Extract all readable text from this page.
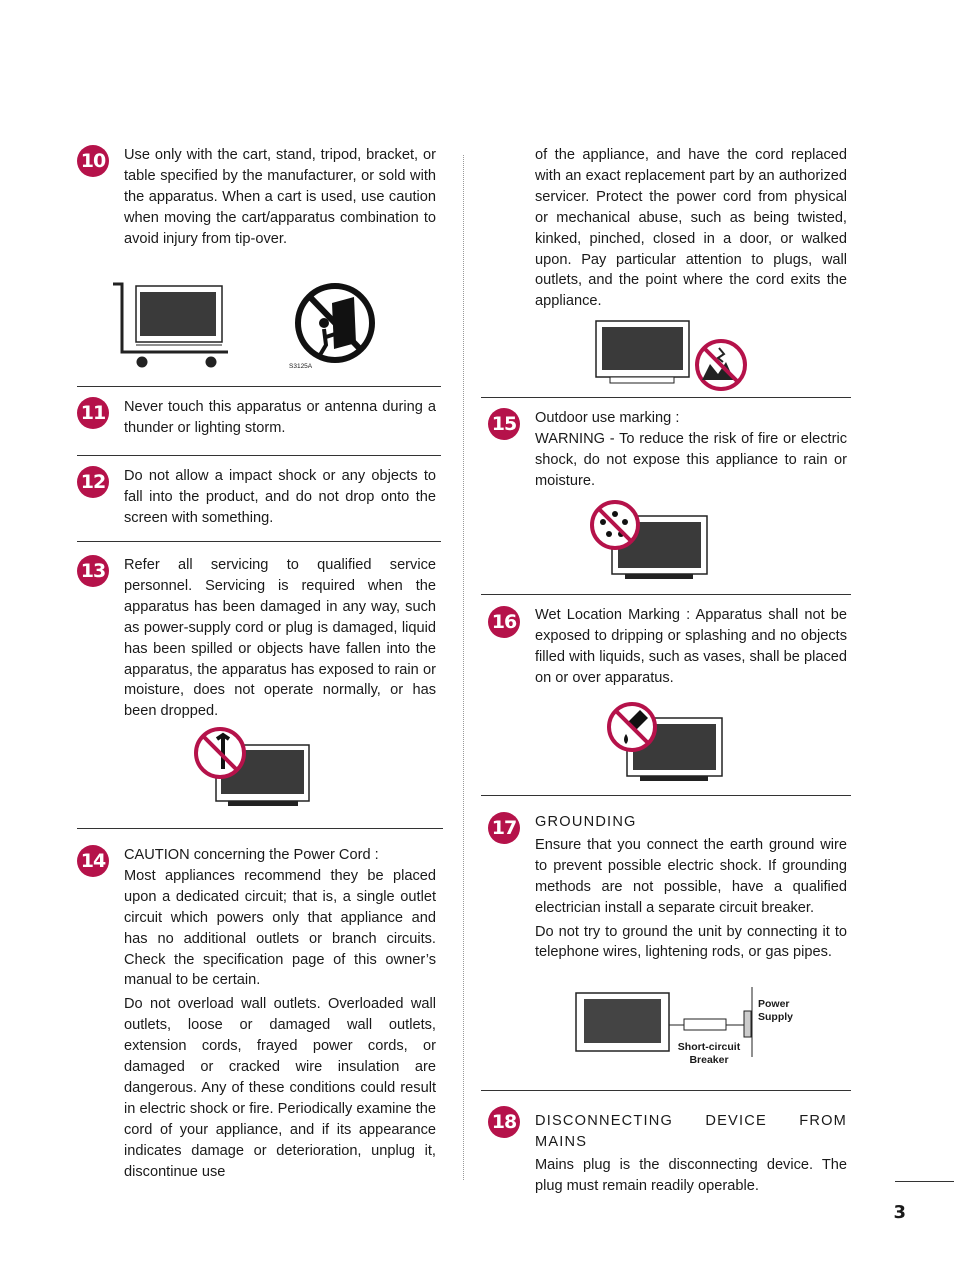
10 Use only with the cart, stand, tripod, bracket, or table specified by the manufacturer, or sold with the apparatus. When a cart is used, use caution when moving the cart/apparatus combination to avoid injury from tip-over.

S3125A
11 Never touch this apparatus or antenna during a thunder or lighting storm.

12 Do not allow a impact shock or any objects to fall into the product, and do not drop onto the screen with something.

13 Refer all servicing to qualified service personnel. Servicing is required when the apparatus has been damaged in any way, such as power-supply cord or plug is damaged, liquid has been spilled or objects have fallen into the apparatus, the apparatus has exposed to rain or moisture, does not operate normally, or has been dropped.

14 CAUTION concerning the Power Cord :

Most appliances recommend they be placed upon a dedicated circuit; that is, a single outlet circuit which powers only that appliance and has no additional outlets or branch circuits. Check the specification page of this owner’s manual to be certain.

Do not overload wall outlets. Overloaded wall outlets, loose or damaged wall outlets, extension cords, frayed power cords, or damaged or cracked wire insulation are dangerous. Any of these conditions could result in electric shock or fire. Periodically examine the cord of your appliance, and if its appearance indicates damage or deterioration, unplug it, discontinue use

of the appliance, and have the cord replaced with an exact replacement part by an authorized servicer. Protect the power cord from physical or mechanical abuse, such as being twisted, kinked, pinched, closed in a door, or walked upon. Pay particular attention to plugs, wall outlets, and the point where the cord exits the appliance.

15 Outdoor use marking :

WARNING - To reduce the risk of fire or electric shock, do not expose this appliance to rain or moisture.

16 Wet Location Marking : Apparatus shall not be exposed to dripping or splashing and no objects filled with liquids, such as vases, shall be placed on or over apparatus.

17 GROUNDING

Ensure that you connect the earth ground wire to prevent possible electric shock. If grounding methods are not possible, have a qualified electrician install a separate circuit breaker.

Do not try to ground the unit by connecting it to telephone wires, lightening rods, or gas pipes.

Power Supply
Short-circuit Breaker
18 DISCONNECTING DEVICE FROM MAINS

Mains plug is the disconnecting device. The plug must remain readily operable.

3
